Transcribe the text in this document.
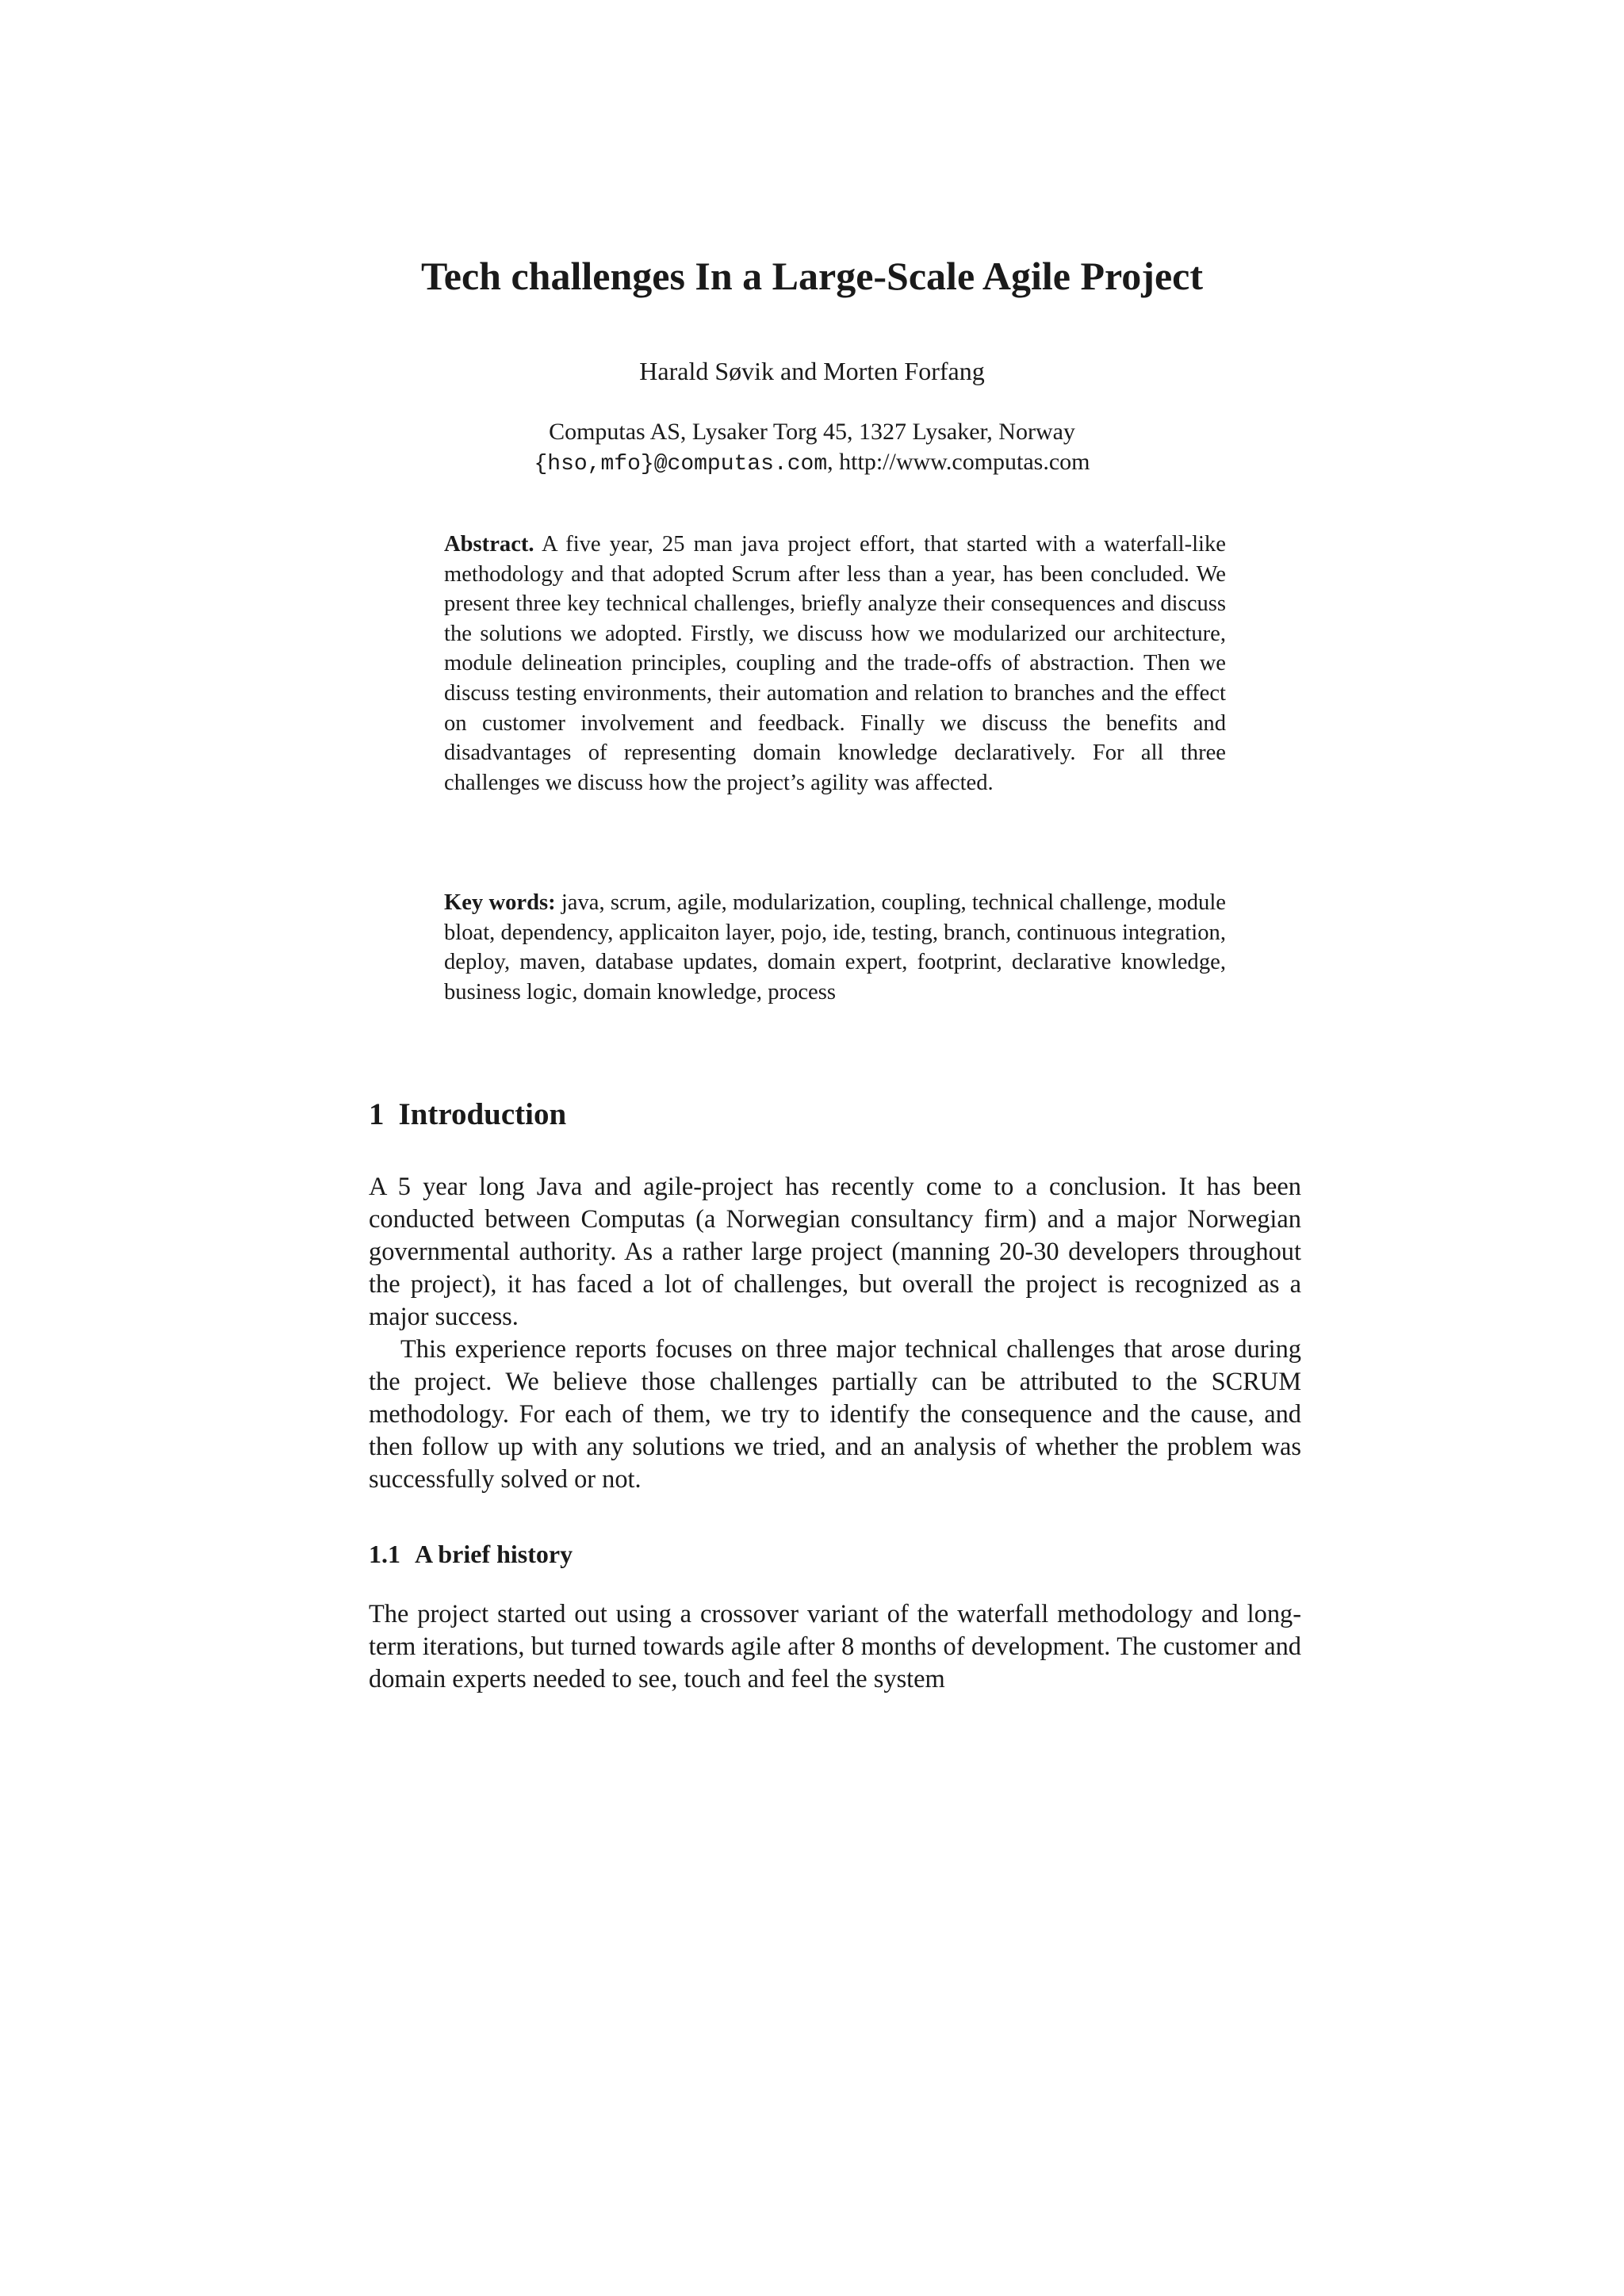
Tech challenges In a Large-Scale Agile Project
Harald Søvik and Morten Forfang
Computas AS, Lysaker Torg 45, 1327 Lysaker, Norway
{hso,mfo}@computas.com, http://www.computas.com
Abstract. A five year, 25 man java project effort, that started with a waterfall-like methodology and that adopted Scrum after less than a year, has been concluded. We present three key technical challenges, briefly analyze their consequences and discuss the solutions we adopted. Firstly, we discuss how we modularized our architecture, module delineation principles, coupling and the trade-offs of abstraction. Then we discuss testing environments, their automation and relation to branches and the effect on customer involvement and feedback. Finally we discuss the benefits and disadvantages of representing domain knowledge declaratively. For all three challenges we discuss how the project’s agility was affected.
Key words: java, scrum, agile, modularization, coupling, technical challenge, module bloat, dependency, applicaiton layer, pojo, ide, testing, branch, continuous integration, deploy, maven, database updates, domain expert, footprint, declarative knowledge, business logic, domain knowledge, process
1 Introduction
A 5 year long Java and agile-project has recently come to a conclusion. It has been conducted between Computas (a Norwegian consultancy firm) and a major Norwegian governmental authority. As a rather large project (manning 20-30 developers throughout the project), it has faced a lot of challenges, but overall the project is recognized as a major success.
This experience reports focuses on three major technical challenges that arose during the project. We believe those challenges partially can be attributed to the SCRUM methodology. For each of them, we try to identify the consequence and the cause, and then follow up with any solutions we tried, and an analysis of whether the problem was successfully solved or not.
1.1 A brief history
The project started out using a crossover variant of the waterfall methodology and long-term iterations, but turned towards agile after 8 months of development. The customer and domain experts needed to see, touch and feel the system
